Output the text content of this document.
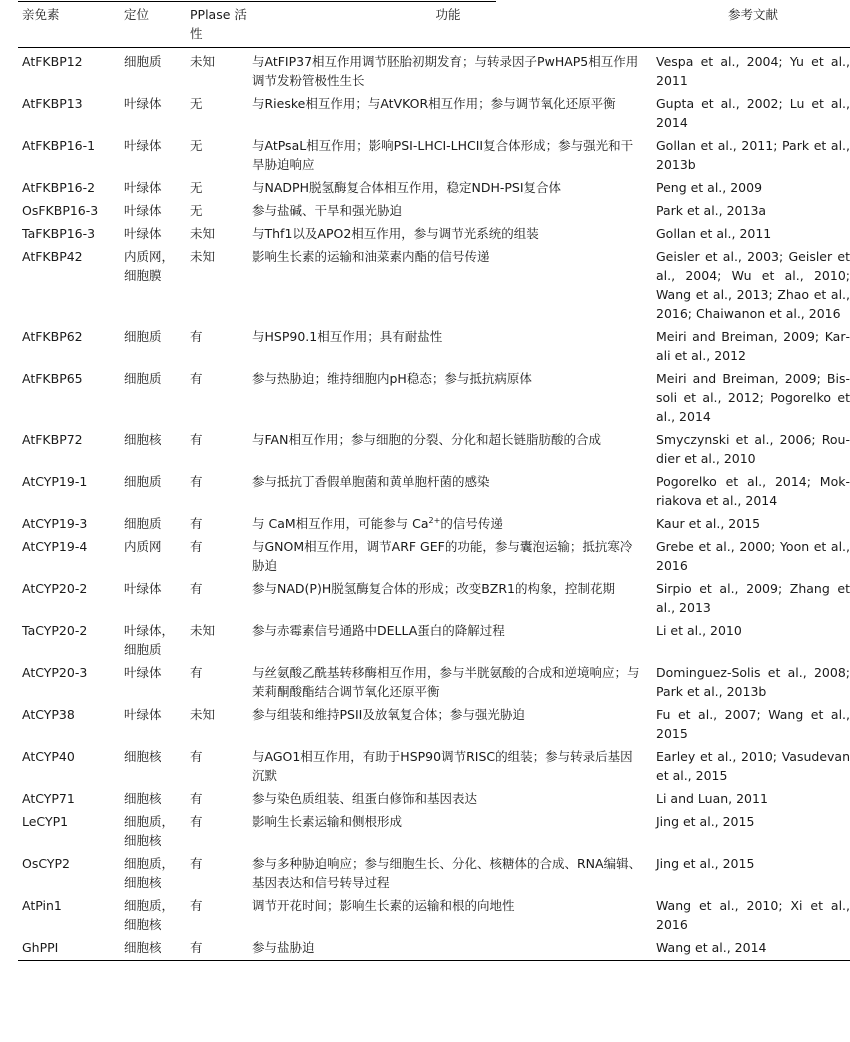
亲免素	定位	PPlase 活性	功能	参考文献
AtFKBP12	细胞质	未知	与AtFIP37相互作用调节胚胎初期发育；与转录因子PwHAP5相互作用调节发粉管极性生长	Vespa et al., 2004; Yu et al., 2011
AtFKBP13	叶绿体	无	与Rieske相互作用；与AtVKOR相互作用；参与调节氧化还原平衡	Gupta et al., 2002; Lu et al., 2014
AtFKBP16-1	叶绿体	无	与AtPsaL相互作用；影响PSI-LHCI-LHCII复合体形成；参与强光和干旱胁迫响应	Gollan et al., 2011; Park et al., 2013b
AtFKBP16-2	叶绿体	无	与NADPH脱氢酶复合体相互作用，稳定NDH-PSI复合体	Peng et al., 2009
OsFKBP16-3	叶绿体	无	参与盐碱、干旱和强光胁迫	Park et al., 2013a
TaFKBP16-3	叶绿体	未知	与Thf1以及APO2相互作用，参与调节光系统的组装	Gollan et al., 2011
AtFKBP42	内质网，细胞膜	未知	影响生长素的运输和油菜素内酯的信号传递	Geisler et al., 2003; Geisler et al., 2004; Wu et al., 2010; Wang et al., 2013; Zhao et al., 2016; Chaiwanon et al., 2016
AtFKBP62	细胞质	有	与HSP90.1相互作用；具有耐盐性	Meiri and Breiman, 2009; Karali et al., 2012
AtFKBP65	细胞质	有	参与热胁迫；维持细胞内pH稳态；参与抵抗病原体	Meiri and Breiman, 2009; Bissoli et al., 2012; Pogorelko et al., 2014
AtFKBP72	细胞核	有	与FAN相互作用；参与细胞的分裂、分化和超长链脂肪酸的合成	Smyczynski et al., 2006; Roudier et al., 2010
AtCYP19-1	细胞质	有	参与抵抗丁香假单胞菌和黄单胞杆菌的感染	Pogorelko et al., 2014; Mokriakova et al., 2014
AtCYP19-3	细胞质	有	与 CaM相互作用，可能参与 $Ca^{2+}$的信号传递	Kaur et al., 2015
AtCYP19-4	内质网	有	与GNOM相互作用，调节ARF GEF的功能，参与囊泡运输；抵抗寒冷胁迫	Grebe et al., 2000; Yoon et al., 2016
AtCYP20-2	叶绿体	有	参与NAD(P)H脱氢酶复合体的形成；改变BZR1的构象，控制花期	Sirpio et al., 2009; Zhang et al., 2013
TaCYP20-2	叶绿体，细胞质	未知	参与赤霉素信号通路中DELLA蛋白的降解过程	Li et al., 2010
AtCYP20-3	叶绿体	有	与丝氨酸乙酰基转移酶相互作用，参与半胱氨酸的合成和逆境响应；与茉莉酮酸酯结合调节氧化还原平衡	Dominguez-Solis et al., 2008; Park et al., 2013b
AtCYP38	叶绿体	未知	参与组装和维持PSII及放氧复合体；参与强光胁迫	Fu et al., 2007; Wang et al., 2015
AtCYP40	细胞核	有	与AGO1相互作用，有助于HSP90调节RISC的组装；参与转录后基因沉默	Earley et al., 2010; Vasudevan et al., 2015
AtCYP71	细胞核	有	参与染色质组装、组蛋白修饰和基因表达	Li and Luan, 2011
LeCYP1	细胞质，细胞核	有	影响生长素运输和侧根形成	Jing et al., 2015
OsCYP2	细胞质，细胞核	有	参与多种胁迫响应；参与细胞生长、分化、核糖体的合成、RNA编辑、基因表达和信号转导过程	Jing et al., 2015
AtPin1	细胞质，细胞核	有	调节开花时间；影响生长素的运输和根的向地性	Wang et al., 2010; Xi et al., 2016
GhPPI	细胞核	有	参与盐胁迫	Wang et al., 2014
